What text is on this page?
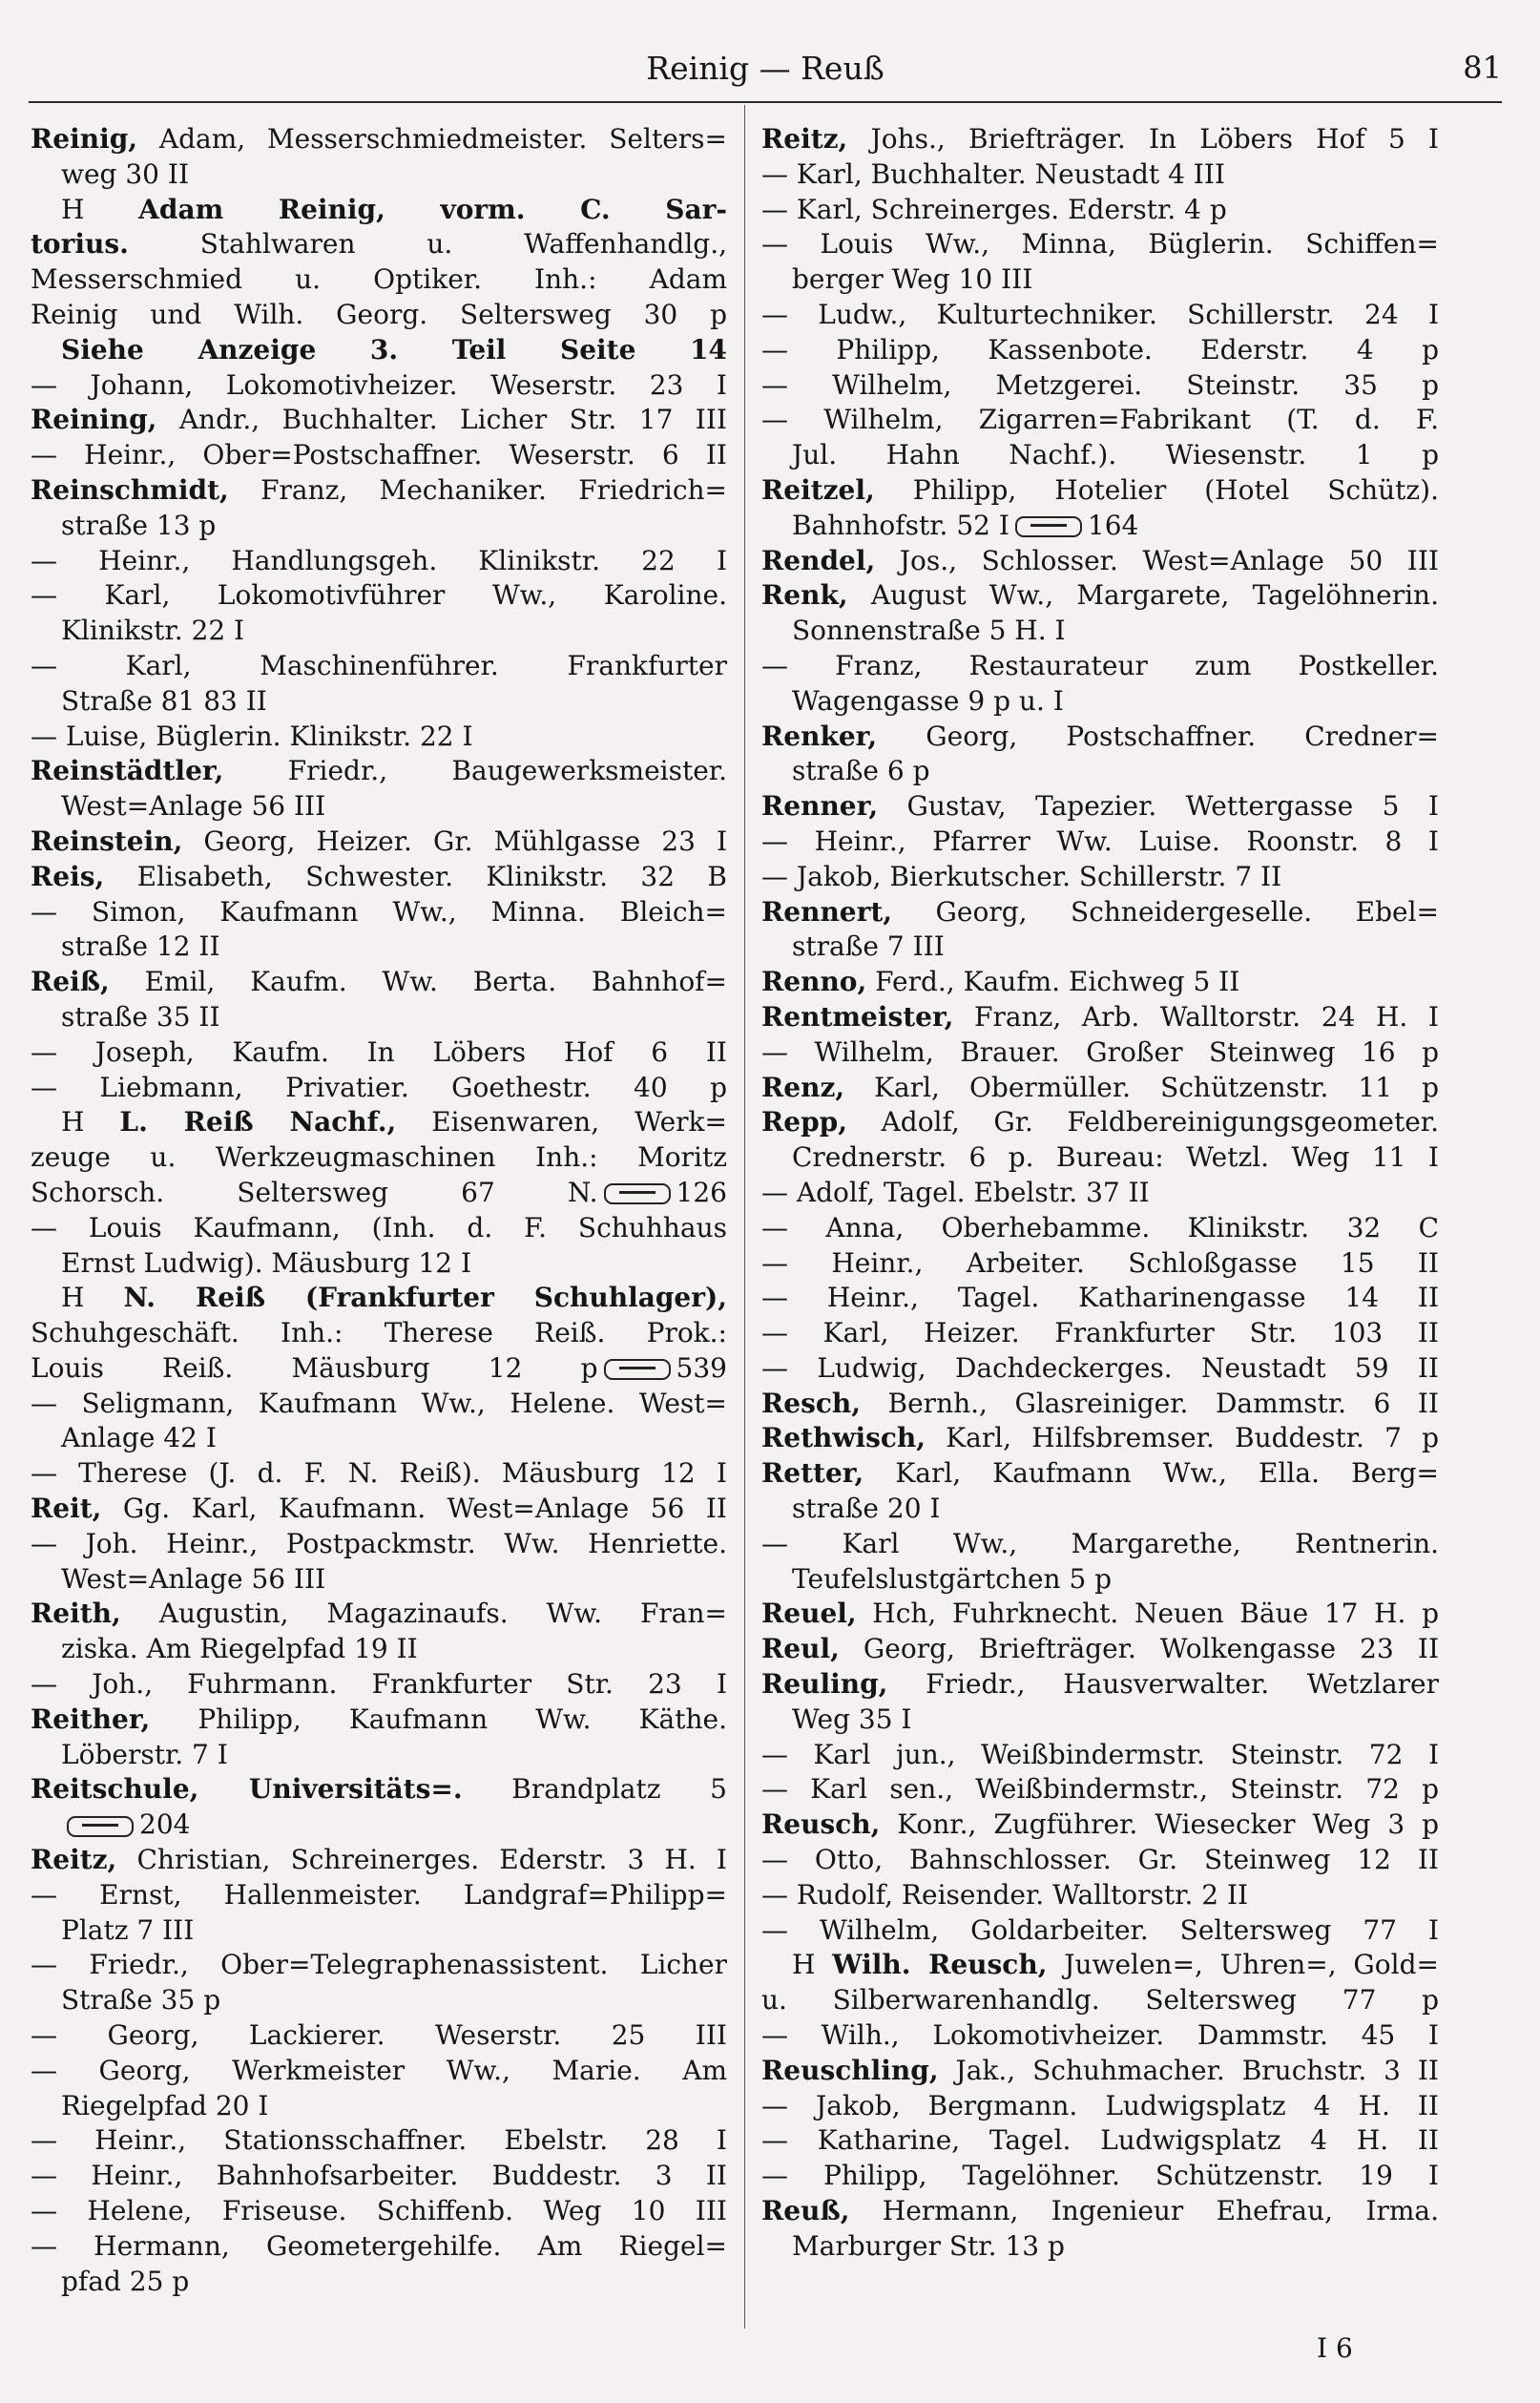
Reinig — Reuß	81
Reinig, Adam, Messerschmiedmeister. Selters=
weg 30 II
H Adam Reinig, vorm. C. Sar-
torius. Stahlwaren u. Waffenhandlg.,
Messerschmied u. Optiker. Inh.: Adam
Reinig und Wilh. Georg. Seltersweg 30 p
Siehe Anzeige 3. Teil Seite 14
— Johann, Lokomotivheizer. Weserstr. 23 I
Reining, Andr., Buchhalter. Licher Str. 17 III
— Heinr., Ober=Postschaffner. Weserstr. 6 II
Reinschmidt, Franz, Mechaniker. Friedrich=
straße 13 p
— Heinr., Handlungsgeh. Klinikstr. 22 I
— Karl, Lokomotivführer Ww., Karoline.
Klinikstr. 22 I
— Karl, Maschinenführer. Frankfurter
Straße 81 83 II
— Luise, Büglerin. Klinikstr. 22 I
Reinstädtler, Friedr., Baugewerksmeister.
West=Anlage 56 III
Reinstein, Georg, Heizer. Gr. Mühlgasse 23 I
Reis, Elisabeth, Schwester. Klinikstr. 32 B
— Simon, Kaufmann Ww., Minna. Bleich=
straße 12 II
Reiß, Emil, Kaufm. Ww. Berta. Bahnhof=
straße 35 II
— Joseph, Kaufm. In Löbers Hof 6 II
— Liebmann, Privatier. Goethestr. 40 p
H L. Reiß Nachf., Eisenwaren, Werk=
zeuge u. Werkzeugmaschinen Inh.: Moritz
Schorsch. Seltersweg 67 N.	126
— Louis Kaufmann, (Inh. d. F. Schuhhaus
Ernst Ludwig). Mäusburg 12 I
H N. Reiß (Frankfurter Schuhlager),
Schuhgeschäft. Inh.: Therese Reiß. Prok.:
Louis Reiß. Mäusburg 12 p	539
— Seligmann, Kaufmann Ww., Helene. West=
Anlage 42 I
— Therese (J. d. F. N. Reiß). Mäusburg 12 I
Reit, Gg. Karl, Kaufmann. West=Anlage 56 II
— Joh. Heinr., Postpackmstr. Ww. Henriette.
West=Anlage 56 III
Reith, Augustin, Magazinaufs. Ww. Fran=
ziska. Am Riegelpfad 19 II
— Joh., Fuhrmann. Frankfurter Str. 23 I
Reither, Philipp, Kaufmann Ww. Käthe.
Löberstr. 7 I
Reitschule, Universitäts=. Brandplatz 5
204
Reitz, Christian, Schreinerges. Ederstr. 3 H. I
— Ernst, Hallenmeister. Landgraf=Philipp=
Platz 7 III
— Friedr., Ober=Telegraphenassistent. Licher
Straße 35 p
— Georg, Lackierer. Weserstr. 25 III
— Georg, Werkmeister Ww., Marie. Am
Riegelpfad 20 I
— Heinr., Stationsschaffner. Ebelstr. 28 I
— Heinr., Bahnhofsarbeiter. Buddestr. 3 II
— Helene, Friseuse. Schiffenb. Weg 10 III
— Hermann, Geometergehilfe. Am Riegel=
pfad 25 p
Reitz, Johs., Briefträger. In Löbers Hof 5 I
— Karl, Buchhalter. Neustadt 4 III
— Karl, Schreinerges. Ederstr. 4 p
— Louis Ww., Minna, Büglerin. Schiffen=
berger Weg 10 III
— Ludw., Kulturtechniker. Schillerstr. 24 I
— Philipp, Kassenbote. Ederstr. 4 p
— Wilhelm, Metzgerei. Steinstr. 35 p
— Wilhelm, Zigarren=Fabrikant (T. d. F.
Jul. Hahn Nachf.). Wiesenstr. 1 p
Reitzel, Philipp, Hotelier (Hotel Schütz).
Bahnhofstr. 52 I	164
Rendel, Jos., Schlosser. West=Anlage 50 III
Renk, August Ww., Margarete, Tagelöhnerin.
Sonnenstraße 5 H. I
— Franz, Restaurateur zum Postkeller.
Wagengasse 9 p u. I
Renker, Georg, Postschaffner. Credner=
straße 6 p
Renner, Gustav, Tapezier. Wettergasse 5 I
— Heinr., Pfarrer Ww. Luise. Roonstr. 8 I
— Jakob, Bierkutscher. Schillerstr. 7 II
Rennert, Georg, Schneidergeselle. Ebel=
straße 7 III
Renno, Ferd., Kaufm. Eichweg 5 II
Rentmeister, Franz, Arb. Walltorstr. 24 H. I
— Wilhelm, Brauer. Großer Steinweg 16 p
Renz, Karl, Obermüller. Schützenstr. 11 p
Repp, Adolf, Gr. Feldbereinigungsgeometer.
Crednerstr. 6 p. Bureau: Wetzl. Weg 11 I
— Adolf, Tagel. Ebelstr. 37 II
— Anna, Oberhebamme. Klinikstr. 32 C
— Heinr., Arbeiter. Schloßgasse 15 II
— Heinr., Tagel. Katharinengasse 14 II
— Karl, Heizer. Frankfurter Str. 103 II
— Ludwig, Dachdeckerges. Neustadt 59 II
Resch, Bernh., Glasreiniger. Dammstr. 6 II
Rethwisch, Karl, Hilfsbremser. Buddestr. 7 p
Retter, Karl, Kaufmann Ww., Ella. Berg=
straße 20 I
— Karl Ww., Margarethe, Rentnerin.
Teufelslustgärtchen 5 p
Reuel, Hch, Fuhrknecht. Neuen Bäue 17 H. p
Reul, Georg, Briefträger. Wolkengasse 23 II
Reuling, Friedr., Hausverwalter. Wetzlarer
Weg 35 I
— Karl jun., Weißbindermstr. Steinstr. 72 I
— Karl sen., Weißbindermstr., Steinstr. 72 p
Reusch, Konr., Zugführer. Wiesecker Weg 3 p
— Otto, Bahnschlosser. Gr. Steinweg 12 II
— Rudolf, Reisender. Walltorstr. 2 II
— Wilhelm, Goldarbeiter. Seltersweg 77 I
H Wilh. Reusch, Juwelen=, Uhren=, Gold=
u. Silberwarenhandlg. Seltersweg 77 p
— Wilh., Lokomotivheizer. Dammstr. 45 I
Reuschling, Jak., Schuhmacher. Bruchstr. 3 II
— Jakob, Bergmann. Ludwigsplatz 4 H. II
— Katharine, Tagel. Ludwigsplatz 4 H. II
— Philipp, Tagelöhner. Schützenstr. 19 I
Reuß, Hermann, Ingenieur Ehefrau, Irma.
Marburger Str. 13 p
I 6
